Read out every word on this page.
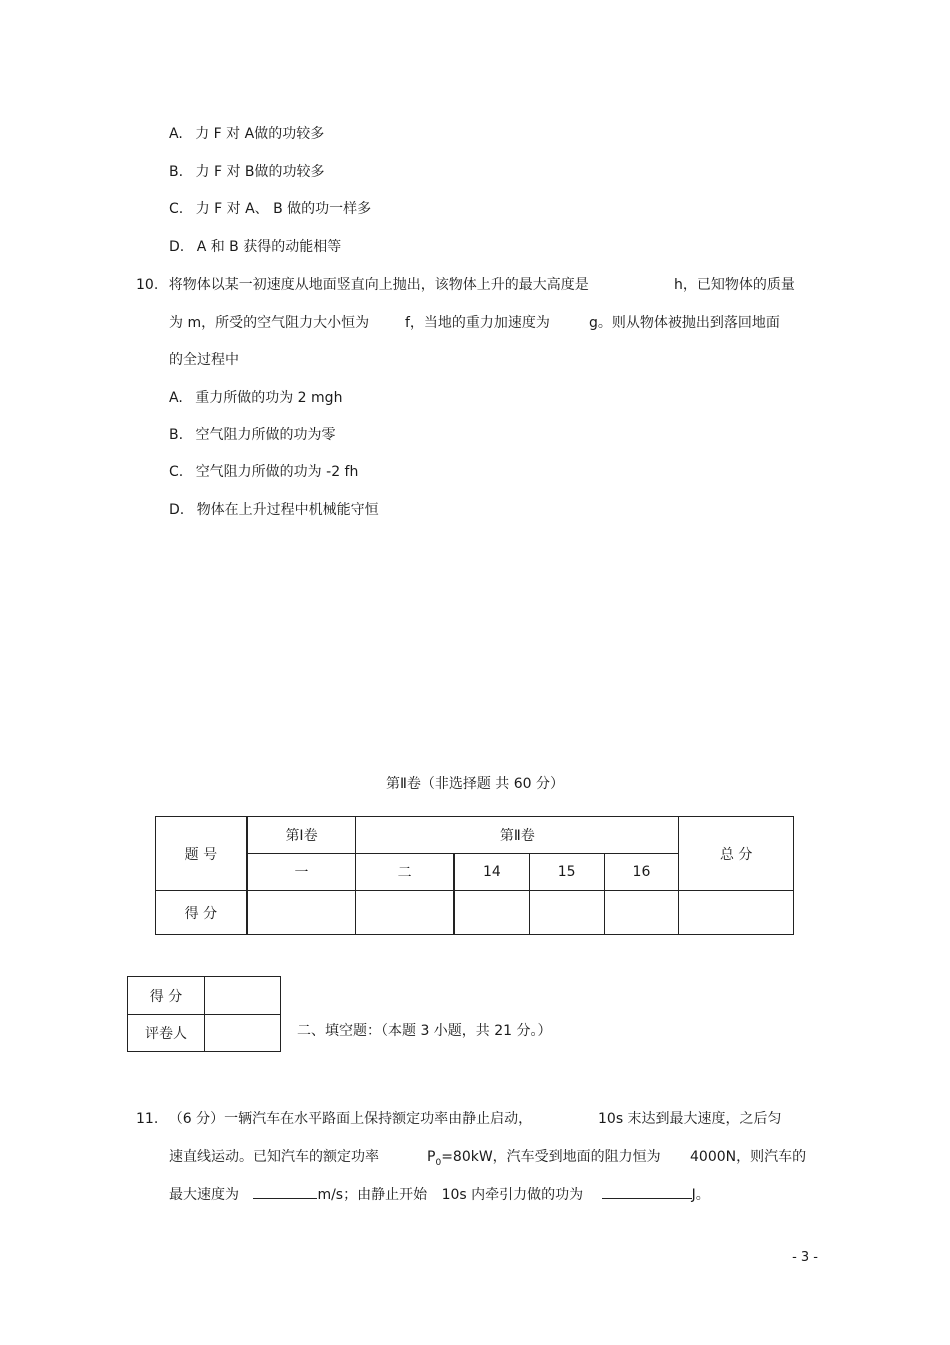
A. 力 F 对 A做的功较多
B. 力 F 对 B做的功较多
C. 力 F 对 A、 B 做的功一样多
D. A 和 B 获得的动能相等
10. 将物体以某一初速度从地面竖直向上抛出，该物体上升的最大高度是	h，已知物体的质量
为 m，所受的空气阻力大小恒为	f，当地的重力加速度为	g。则从物体被抛出到落回地面
的全过程中
A. 重力所做的功为 2 mgh
B. 空气阻力所做的功为零
C. 空气阻力所做的功为 -2 fh
D. 物体在上升过程中机械能守恒
第Ⅱ卷（非选择题 共 60 分）
题 号	第Ⅰ卷	第Ⅱ卷				总 分
	一	二	14	15	16	
得 分						
得 分	
评卷人		二、填空题：（本题 3 小题，共 21 分。）
11. （6 分）一辆汽车在水平路面上保持额定功率由静止启动，	10s 末达到最大速度，之后匀
速直线运动。已知汽车的额定功率	$P_0=80kW$，汽车受到地面的阻力恒为 4000N，则汽车的
最大速度为	m/s；由静止开始 10s 内牵引力做的功为	J。
- 3 -
